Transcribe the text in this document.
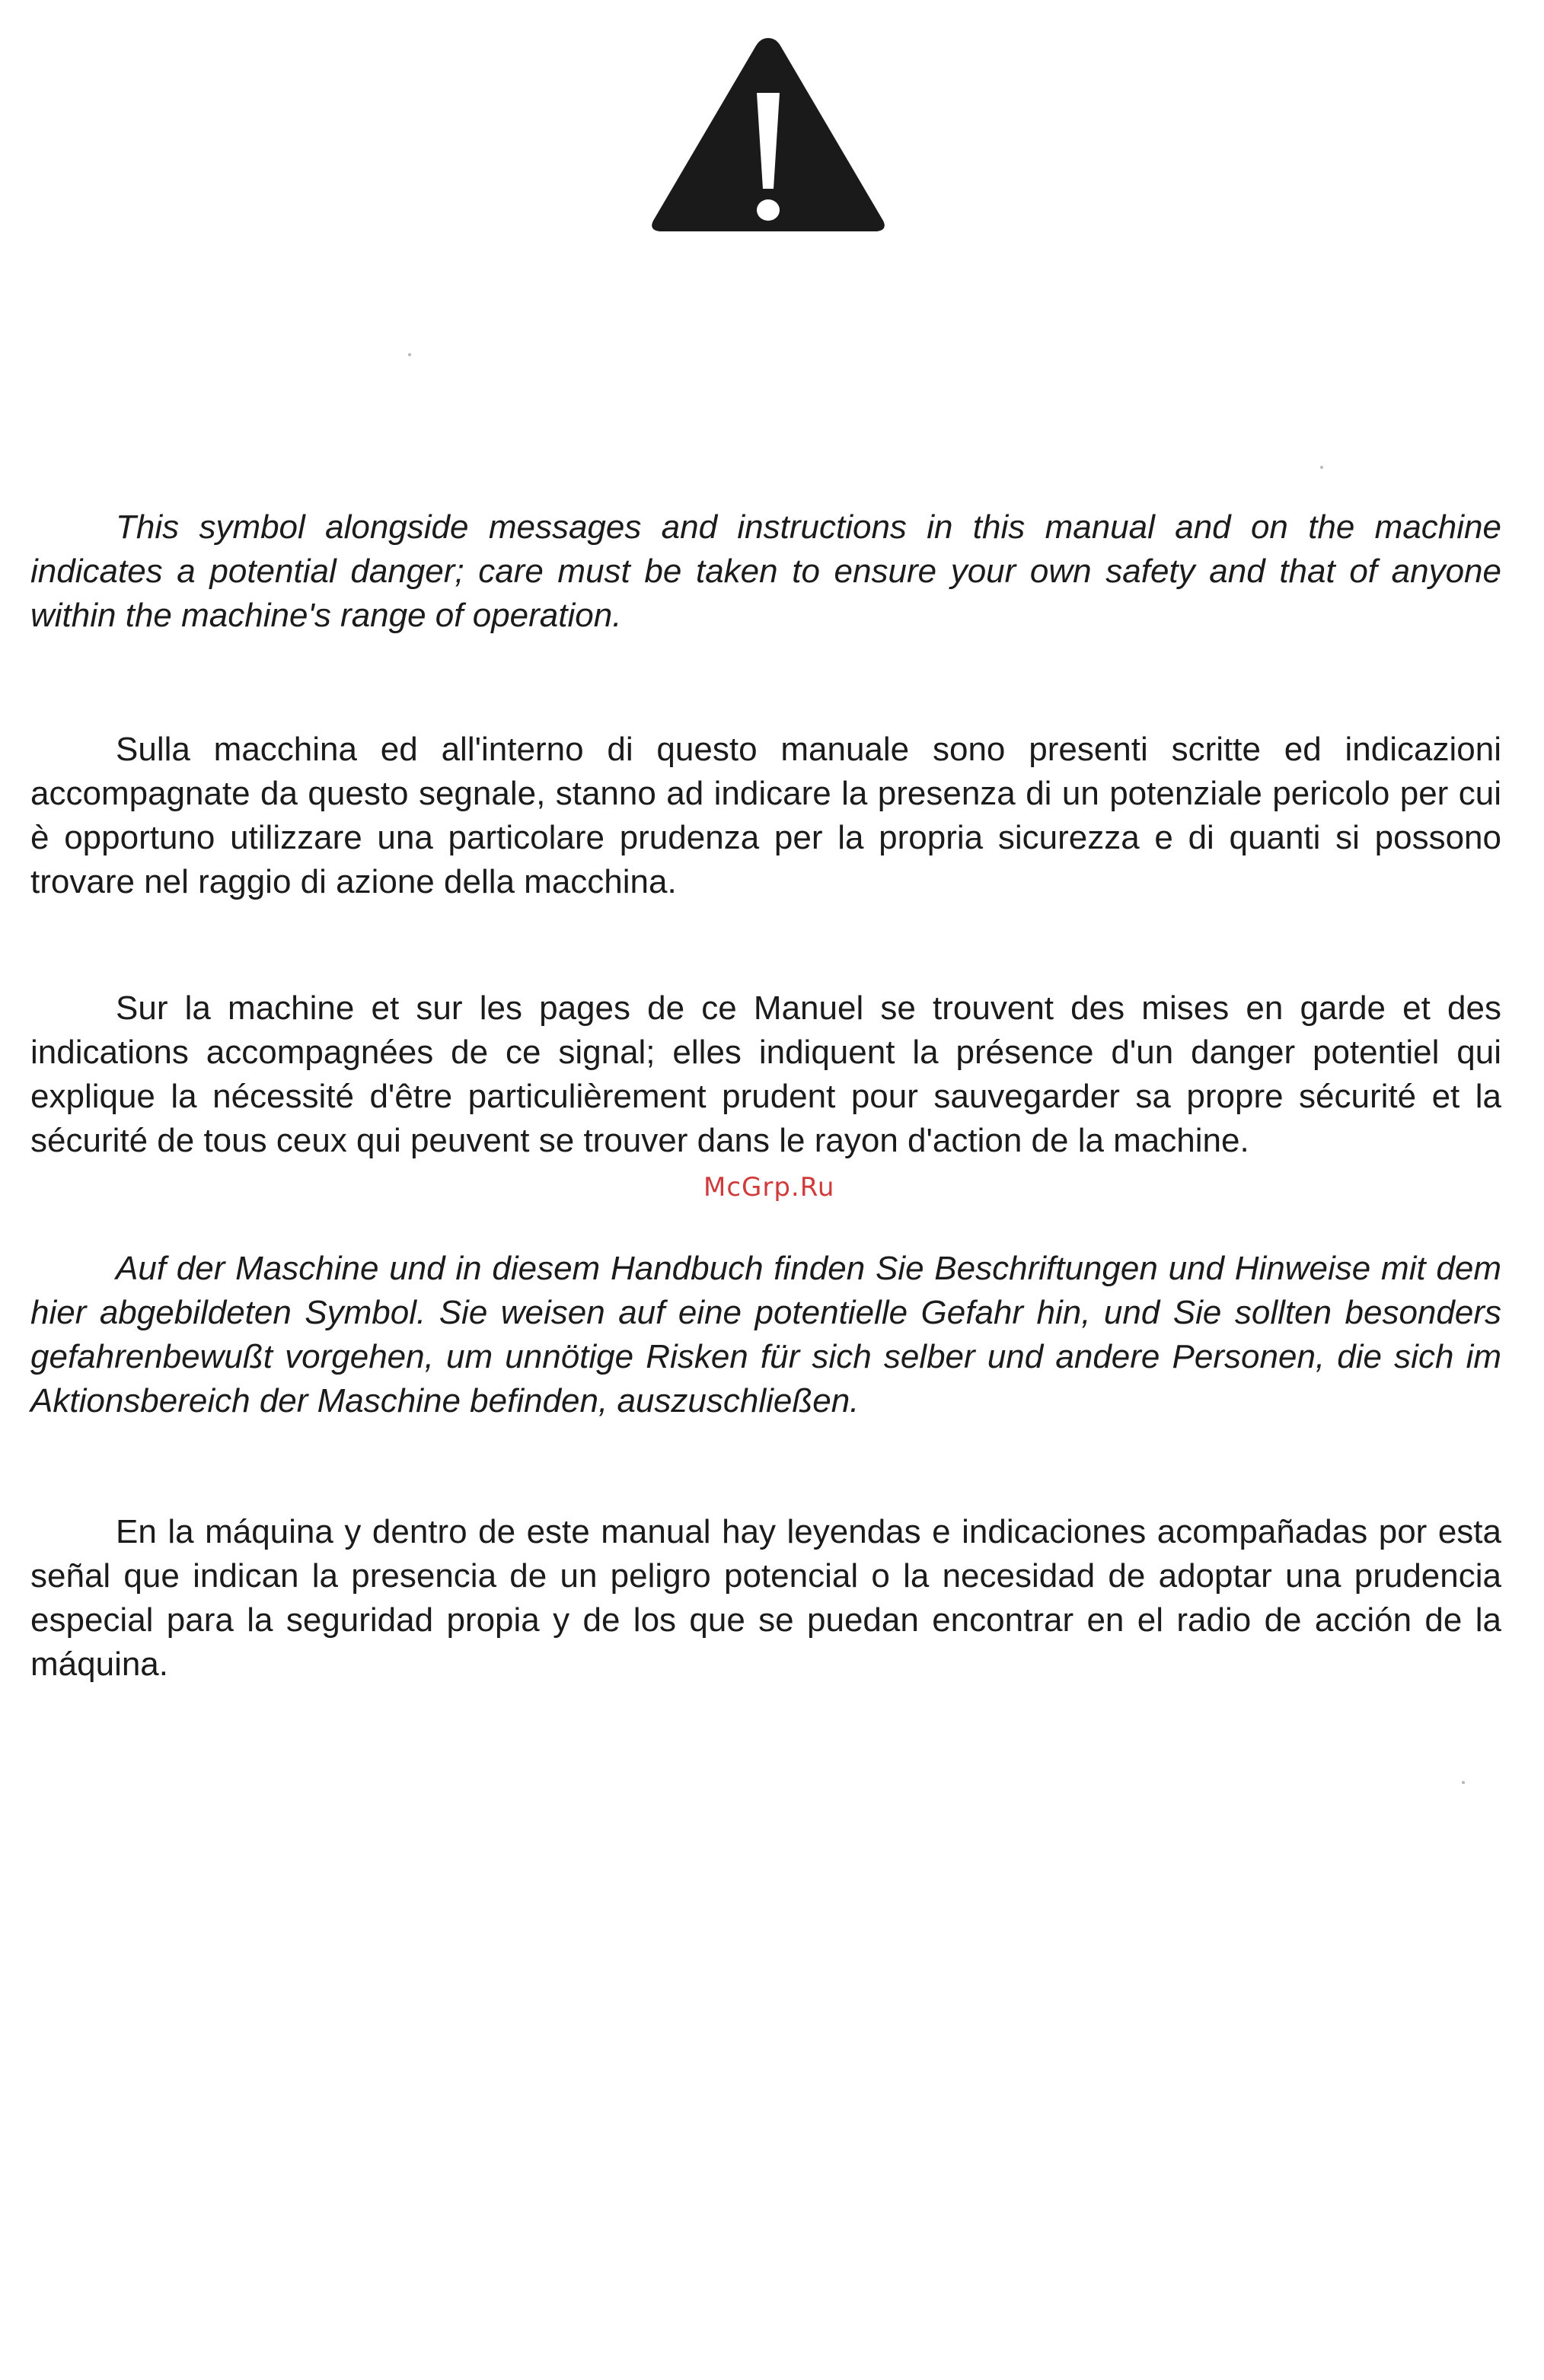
This symbol alongside messages and instructions in this manual and on the machine indicates a potential danger; care must be taken to ensure your own safety and that of anyone within the machine's range of operation.

Sulla macchina ed all'interno di questo manuale sono presenti scritte ed indicazioni accompagnate da questo segnale, stanno ad indicare la presenza di un potenziale pericolo per cui è opportuno utilizzare una particolare prudenza per la propria sicurezza e di quanti si possono trovare nel raggio di azione della macchina.

Sur la machine et sur les pages de ce Manuel se trouvent des mises en garde et des indications accompagnées de ce signal; elles indiquent la présence d'un danger potentiel qui explique la nécessité d'être particulièrement prudent pour sauvegarder sa propre sécurité et la sécurité de tous ceux qui peuvent se trouver dans le rayon d'action de la machine.

McGrp.Ru

Auf der Maschine und in diesem Handbuch finden Sie Beschriftungen und Hinweise mit dem hier abgebildeten Symbol. Sie weisen auf eine potentielle Gefahr hin, und Sie sollten besonders gefahrenbewußt vorgehen, um unnötige Risken für sich selber und andere Personen, die sich im Aktionsbereich der Maschine befinden, auszuschließen.

En la máquina y dentro de este manual hay leyendas e indicaciones acompañadas por esta señal que indican la presencia de un peligro potencial o la necesidad de adoptar una prudencia especial para la seguridad propia y de los que se puedan encontrar en el radio de acción de la máquina.
